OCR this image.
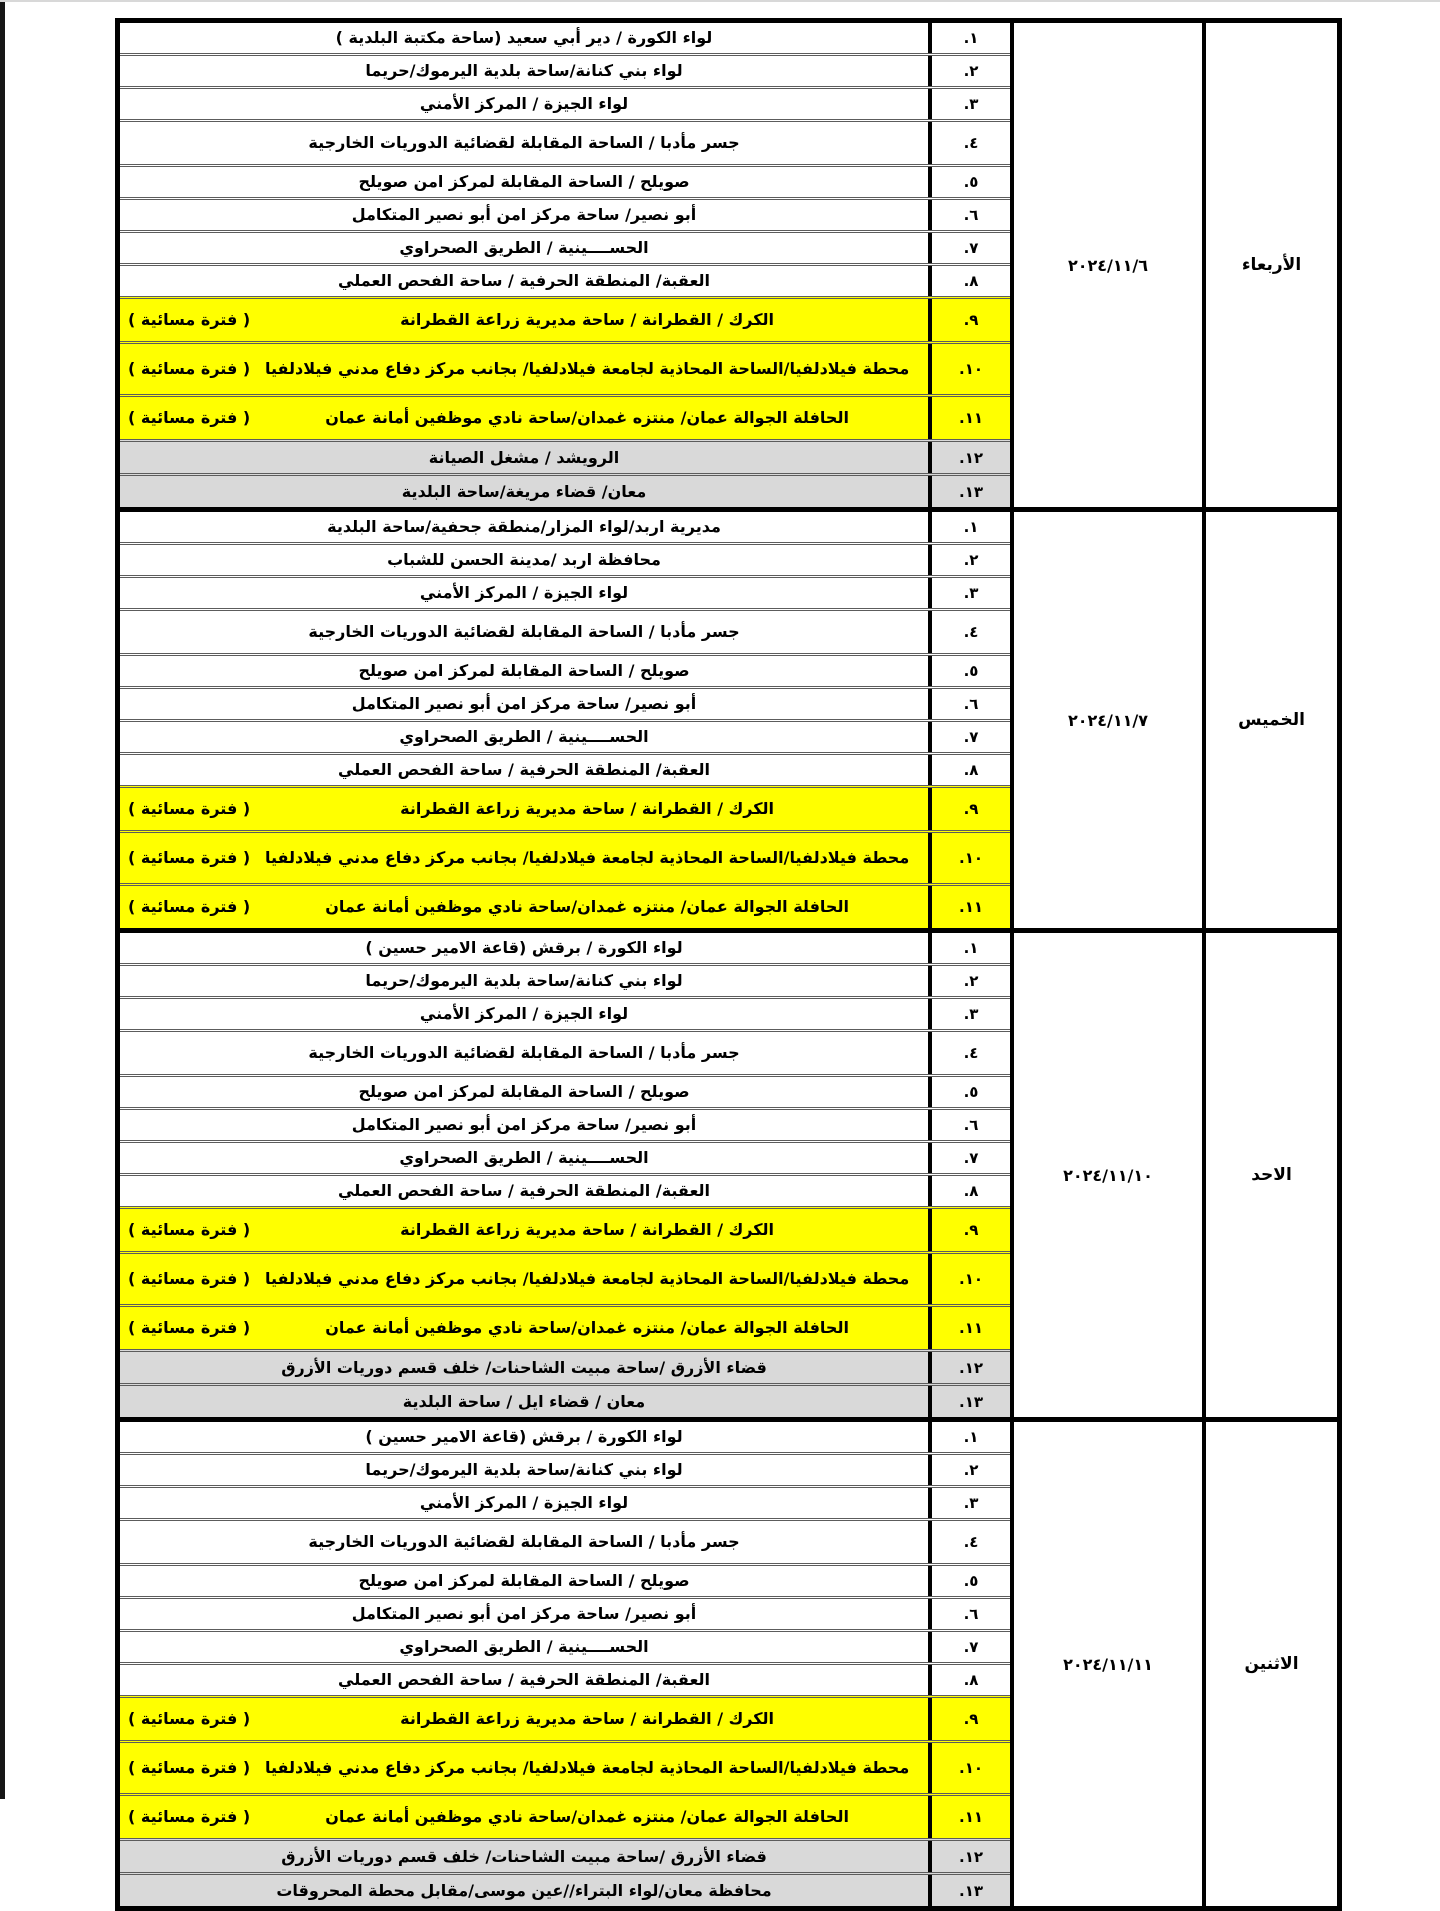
الأربعاء
٢٠٢٤/١١/٦
١.
لواء الكورة / دير أبي سعيد (ساحة مكتبة البلدية )
٢.
لواء بني كنانة/ساحة بلدية اليرموك/حريما
٣.
لواء الجيزة / المركز الأمني
٤.
جسر مأدبا / الساحة المقابلة لقضائية الدوريات الخارجية
٥.
صويلح / الساحة المقابلة لمركز امن صويلح
٦.
أبو نصير/ ساحة مركز امن أبو نصير المتكامل
٧.
الحســــينية / الطريق الصحراوي
٨.
العقبة/ المنطقة الحرفية / ساحة الفحص العملي
٩.
الكرك / القطرانة / ساحة مديرية زراعة القطرانة
( فترة مسائية )
١٠.
محطة فيلادلفيا/الساحة المحاذية لجامعة فيلادلفيا/ بجانب مركز دفاع مدني فيلادلفيا
( فترة مسائية )
١١.
الحافلة الجوالة عمان/ منتزه غمدان/ساحة نادي موظفين أمانة عمان
( فترة مسائية )
١٢.
الرويشد / مشغل الصيانة
١٣.
معان/ قضاء مريغة/ساحة البلدية
الخميس
٢٠٢٤/١١/٧
١.
مديرية اربد/لواء المزار/منطقة جحفية/ساحة البلدية
٢.
محافظة اربد /مدينة الحسن للشباب
٣.
لواء الجيزة / المركز الأمني
٤.
جسر مأدبا / الساحة المقابلة لقضائية الدوريات الخارجية
٥.
صويلح / الساحة المقابلة لمركز امن صويلح
٦.
أبو نصير/ ساحة مركز امن أبو نصير المتكامل
٧.
الحســــينية / الطريق الصحراوي
٨.
العقبة/ المنطقة الحرفية / ساحة الفحص العملي
٩.
الكرك / القطرانة / ساحة مديرية زراعة القطرانة
( فترة مسائية )
١٠.
محطة فيلادلفيا/الساحة المحاذية لجامعة فيلادلفيا/ بجانب مركز دفاع مدني فيلادلفيا
( فترة مسائية )
١١.
الحافلة الجوالة عمان/ منتزه غمدان/ساحة نادي موظفين أمانة عمان
( فترة مسائية )
الاحد
٢٠٢٤/١١/١٠
١.
لواء الكورة / برقش (قاعة الامير حسين )
٢.
لواء بني كنانة/ساحة بلدية اليرموك/حريما
٣.
لواء الجيزة / المركز الأمني
٤.
جسر مأدبا / الساحة المقابلة لقضائية الدوريات الخارجية
٥.
صويلح / الساحة المقابلة لمركز امن صويلح
٦.
أبو نصير/ ساحة مركز امن أبو نصير المتكامل
٧.
الحســــينية / الطريق الصحراوي
٨.
العقبة/ المنطقة الحرفية / ساحة الفحص العملي
٩.
الكرك / القطرانة / ساحة مديرية زراعة القطرانة
( فترة مسائية )
١٠.
محطة فيلادلفيا/الساحة المحاذية لجامعة فيلادلفيا/ بجانب مركز دفاع مدني فيلادلفيا
( فترة مسائية )
١١.
الحافلة الجوالة عمان/ منتزه غمدان/ساحة نادي موظفين أمانة عمان
( فترة مسائية )
١٢.
قضاء الأزرق /ساحة مبيت الشاحنات/ خلف قسم دوريات الأزرق
١٣.
معان / قضاء ايل / ساحة البلدية
الاثنين
٢٠٢٤/١١/١١
١.
لواء الكورة / برقش (قاعة الامير حسين )
٢.
لواء بني كنانة/ساحة بلدية اليرموك/حريما
٣.
لواء الجيزة / المركز الأمني
٤.
جسر مأدبا / الساحة المقابلة لقضائية الدوريات الخارجية
٥.
صويلح / الساحة المقابلة لمركز امن صويلح
٦.
أبو نصير/ ساحة مركز امن أبو نصير المتكامل
٧.
الحســــينية / الطريق الصحراوي
٨.
العقبة/ المنطقة الحرفية / ساحة الفحص العملي
٩.
الكرك / القطرانة / ساحة مديرية زراعة القطرانة
( فترة مسائية )
١٠.
محطة فيلادلفيا/الساحة المحاذية لجامعة فيلادلفيا/ بجانب مركز دفاع مدني فيلادلفيا
( فترة مسائية )
١١.
الحافلة الجوالة عمان/ منتزه غمدان/ساحة نادي موظفين أمانة عمان
( فترة مسائية )
١٢.
قضاء الأزرق /ساحة مبيت الشاحنات/ خلف قسم دوريات الأزرق
١٣.
محافظة معان/لواء البتراء//عين موسى/مقابل محطة المحروقات
